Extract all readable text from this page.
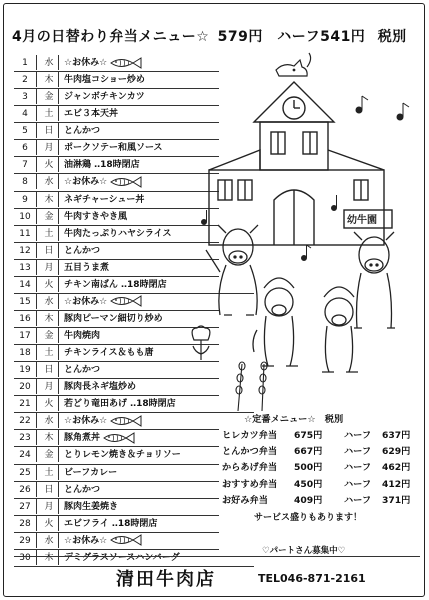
4月の日替わり弁当メニュー☆ 579円 ハーフ541円 税別
1	水	☆お休み☆
2	木	牛肉塩コショー炒め
3	金	ジャンボチキンカツ
4	土	エビ３本天丼
5	日	とんかつ
6	月	ポークソテー和風ソース
7	火	油淋鶏 ‥18時閉店
8	水	☆お休み☆
9	木	ネギチャーシュー丼
10	金	牛肉すきやき風
11	土	牛肉たっぷりハヤシライス
12	日	とんかつ
13	月	五目うま煮
14	火	チキン南ばん ‥18時閉店
15	水	☆お休み☆
16	木	豚肉ピーマン細切り炒め
17	金	牛肉焼肉
18	土	チキンライス＆もも唐
19	日	とんかつ
20	月	豚肉長ネギ塩炒め
21	火	若どり竜田あげ ‥18時閉店
22	水	☆お休み☆
23	木	豚角煮丼
24	金	とりレモン焼き＆チョリソー
25	土	ビーフカレー
26	日	とんかつ
27	月	豚肉生姜焼き
28	火	エビフライ ‥18時閉店
29	水	☆お休み☆
30	木	デミグラスソースハンバーグ
幼牛園
☆定番メニュー☆　税別
ヒレカツ弁当 675円 ハーフ 637円
とんかつ弁当 667円 ハーフ 629円
からあげ弁当 500円 ハーフ 462円
おすすめ弁当 450円 ハーフ 412円
お好み弁当	409円 ハーフ 371円
サービス盛りもあります！
♡パートさん募集中♡
清田牛肉店	TEL046-871-2161
